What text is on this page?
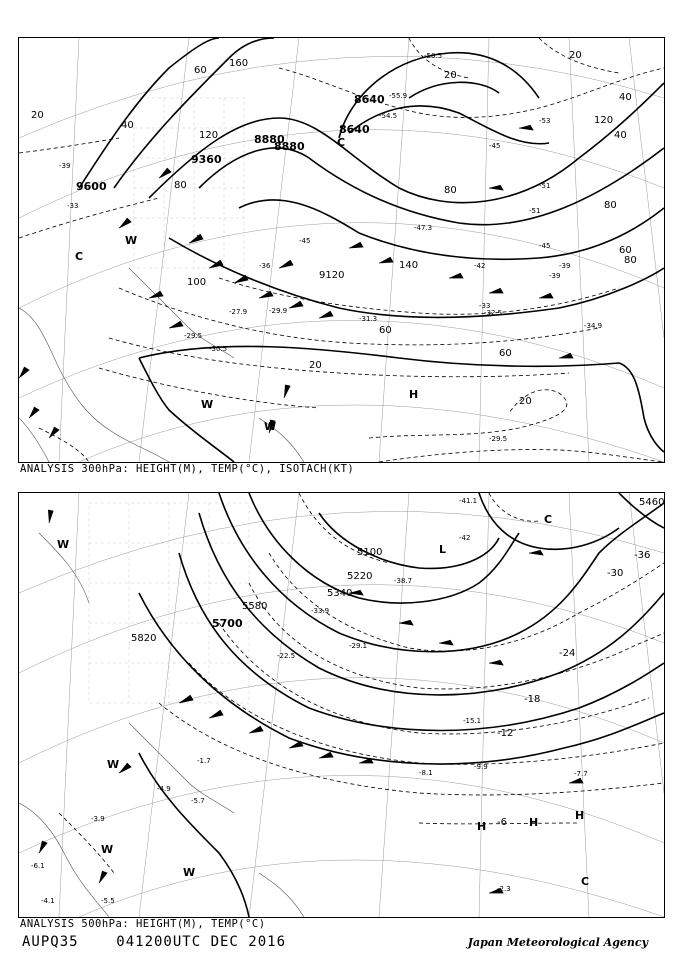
8640
8880
8880
9360
9600
8640
9120
20
40
60
80
100
120
140
160
20
40
60
80
20
40
80
120
80
60
20
20
60
-39
-33
-45
-51
-54.5
-55.9
-50.5
-51
-53
-45
-42
-39
-47.3
-39
-45
-36
-33
-31.3
-32.5
-34.9
-30.5
-29.5
-27.9	-29.9
-29.5
C
W
H
W
W
C
ANALYSIS 300hPa: HEIGHT(M), TEMP(°C), ISOTACH(KT)
5460
5100
5220
5340
5580
5700
5820
-36
-30
-24
-18
-12
-6
-41.1
-42
-38.7
-33.9
-29.1
-22.5
-15.1
-9.9
-8.1	-7.7
-4.9
-5.7
-2.3
-6.1
-3.9
-4.1	-5.5
-1.7
W
W
W
W
H	H
H
C
L
C
ANALYSIS 500hPa: HEIGHT(M), TEMP(°C)
AUPQ35    041200UTC DEC 2016	Japan Meteorological Agency
